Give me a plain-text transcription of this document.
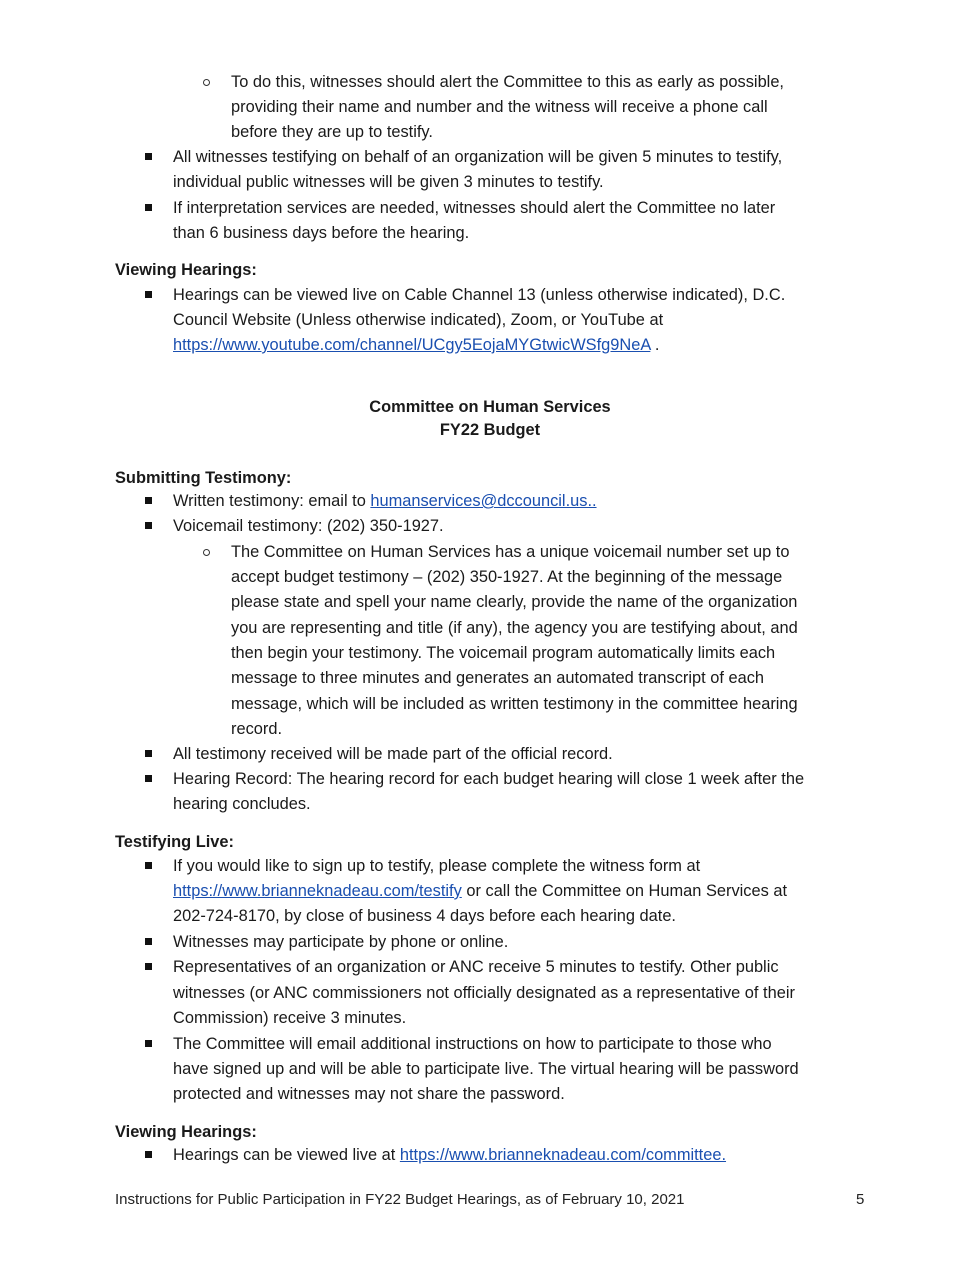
To do this, witnesses should alert the Committee to this as early as possible,
providing their name and number and the witness will receive a phone call
before they are up to testify.
All witnesses testifying on behalf of an organization will be given 5 minutes to testify,
individual public witnesses will be given 3 minutes to testify.
If interpretation services are needed, witnesses should alert the Committee no later
than 6 business days before the hearing.
Viewing Hearings:
Hearings can be viewed live on Cable Channel 13 (unless otherwise indicated), D.C.
Council Website (Unless otherwise indicated), Zoom, or YouTube at
https://www.youtube.com/channel/UCgy5EojaMYGtwicWSfg9NeA .
Committee on Human Services
FY22 Budget
Submitting Testimony:
Written testimony: email to humanservices@dccouncil.us..
Voicemail testimony: (202) 350-1927.
The Committee on Human Services has a unique voicemail number set up to
accept budget testimony – (202) 350-1927. At the beginning of the message
please state and spell your name clearly, provide the name of the organization
you are representing and title (if any), the agency you are testifying about, and
then begin your testimony. The voicemail program automatically limits each
message to three minutes and generates an automated transcript of each
message, which will be included as written testimony in the committee hearing
record.
All testimony received will be made part of the official record.
Hearing Record: The hearing record for each budget hearing will close 1 week after the
hearing concludes.
Testifying Live:
If you would like to sign up to testify, please complete the witness form at
https://www.brianneknadeau.com/testify or call the Committee on Human Services at
202-724-8170, by close of business 4 days before each hearing date.
Witnesses may participate by phone or online.
Representatives of an organization or ANC receive 5 minutes to testify. Other public
witnesses (or ANC commissioners not officially designated as a representative of their
Commission) receive 3 minutes.
The Committee will email additional instructions on how to participate to those who
have signed up and will be able to participate live. The virtual hearing will be password
protected and witnesses may not share the password.
Viewing Hearings:
Hearings can be viewed live at https://www.brianneknadeau.com/committee.
Instructions for Public Participation in FY22 Budget Hearings, as of February 10, 2021	5
